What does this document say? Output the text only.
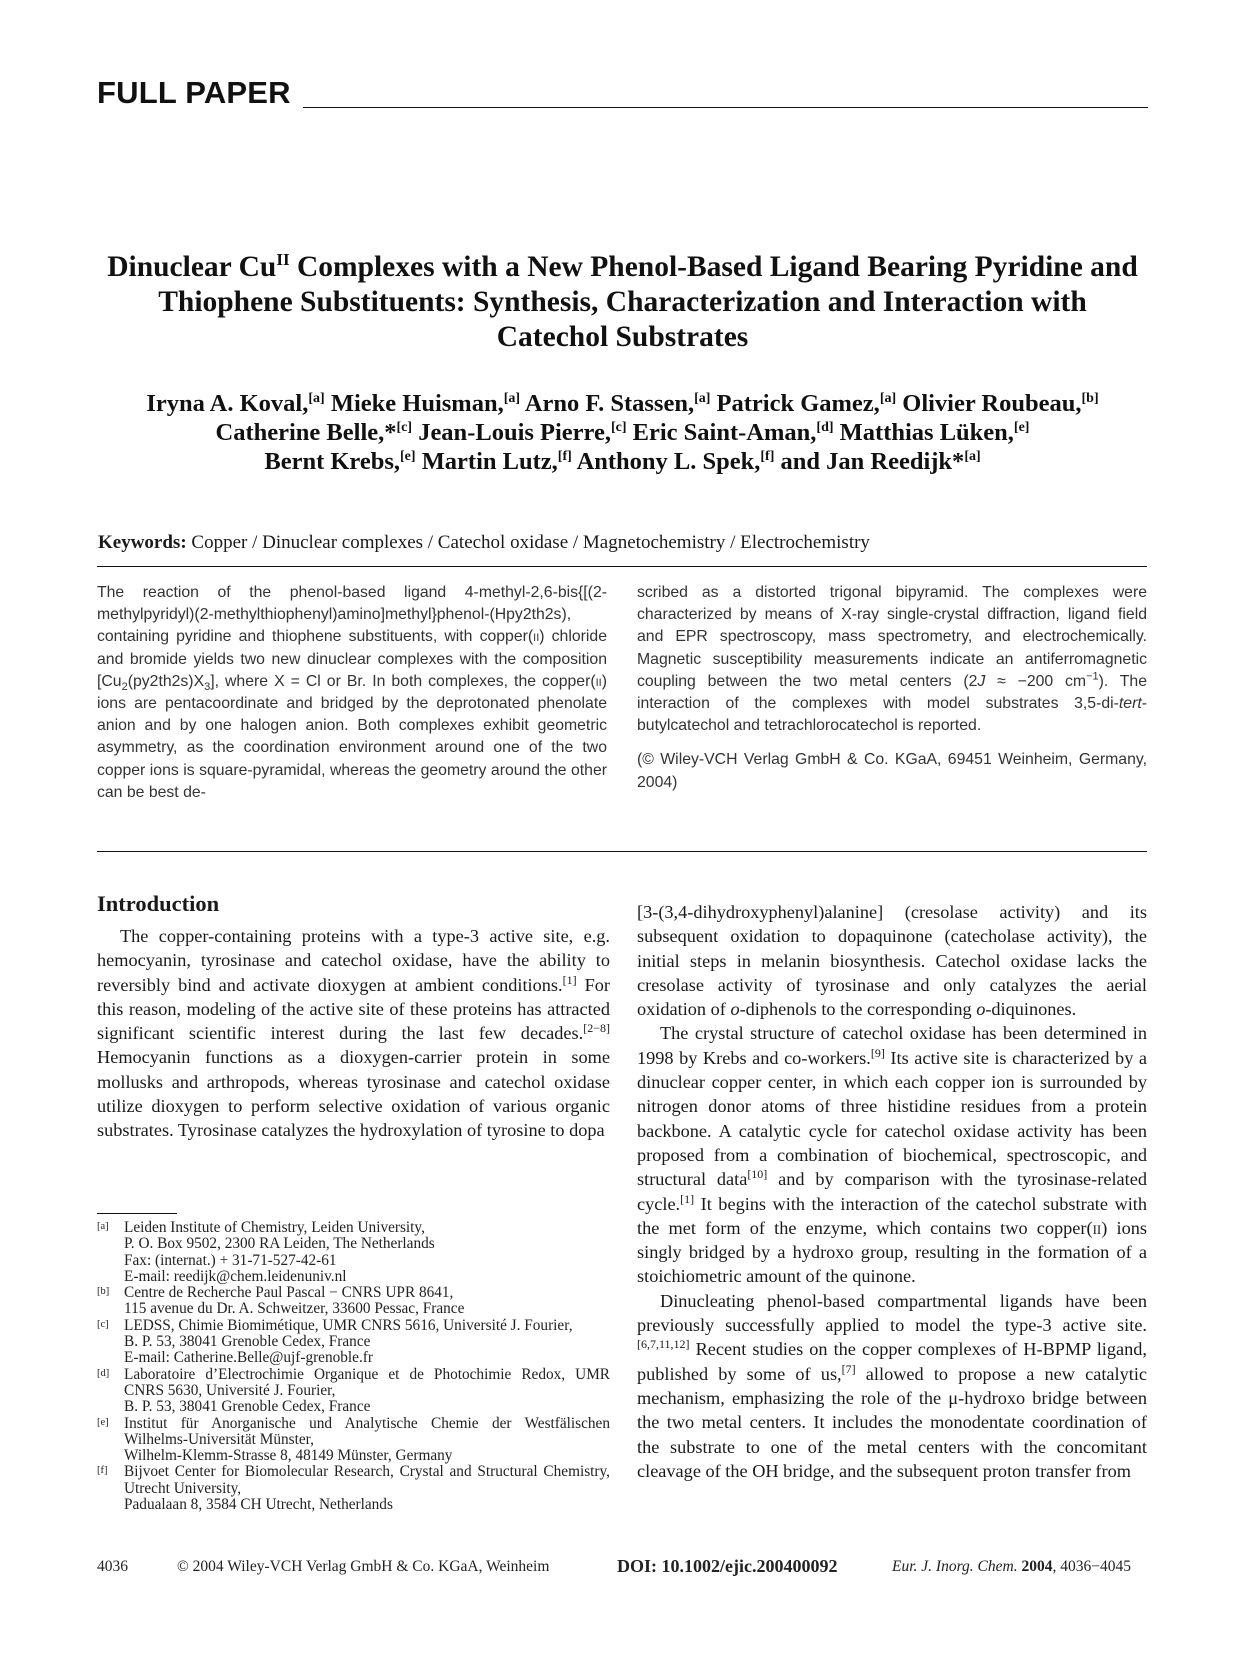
FULL PAPER
Dinuclear $Cu^{II}$ Complexes with a New Phenol-Based Ligand Bearing Pyridine and Thiophene Substituents: Synthesis, Characterization and Interaction with Catechol Substrates
Iryna A. Koval,[a] Mieke Huisman,[a] Arno F. Stassen,[a] Patrick Gamez,[a] Olivier Roubeau,[b]
Catherine Belle,*[c] Jean-Louis Pierre,[c] Eric Saint-Aman,[d] Matthias Lüken,[e]
Bernt Krebs,[e] Martin Lutz,[f] Anthony L. Spek,[f] and Jan Reedijk*[a]
Keywords: Copper / Dinuclear complexes / Catechol oxidase / Magnetochemistry / Electrochemistry

The reaction of the phenol-based ligand 4-methyl-2,6-bis{[(2-methylpyridyl)(2-methylthiophenyl)amino]methyl}phenol-(Hpy2th2s), containing pyridine and thiophene substituents, with copper(ii) chloride and bromide yields two new dinuclear complexes with the composition $[Cu_2(py2th2s)X_3]$, where X = Cl or Br. In both complexes, the copper(ii) ions are pentacoordinate and bridged by the deprotonated phenolate anion and by one halogen anion. Both complexes exhibit geometric asymmetry, as the coordination environment around one of the two copper ions is square-pyramidal, whereas the geometry around the other can be best de-

scribed as a distorted trigonal bipyramid. The complexes were characterized by means of X-ray single-crystal diffraction, ligand field and EPR spectroscopy, mass spectrometry, and electrochemically. Magnetic susceptibility measurements indicate an antiferromagnetic coupling between the two metal centers (2J ≈ −200 $cm^{-1}$). The interaction of the complexes with model substrates 3,5-di-tert-butylcatechol and tetrachlorocatechol is reported.

(© Wiley-VCH Verlag GmbH & Co. KGaA, 69451 Weinheim, Germany, 2004)

Introduction

The copper-containing proteins with a type-3 active site, e.g. hemocyanin, tyrosinase and catechol oxidase, have the ability to reversibly bind and activate dioxygen at ambient conditions.[1] For this reason, modeling of the active site of these proteins has attracted significant scientific interest during the last few decades.[2−8] Hemocyanin functions as a dioxygen-carrier protein in some mollusks and arthropods, whereas tyrosinase and catechol oxidase utilize dioxygen to perform selective oxidation of various organic substrates. Tyrosinase catalyzes the hydroxylation of tyrosine to dopa

[a] Leiden Institute of Chemistry, Leiden University,
P. O. Box 9502, 2300 RA Leiden, The Netherlands
Fax: (internat.) + 31-71-527-42-61
E-mail: reedijk@chem.leidenuniv.nl
[b] Centre de Recherche Paul Pascal − CNRS UPR 8641,
115 avenue du Dr. A. Schweitzer, 33600 Pessac, France
[c] LEDSS, Chimie Biomimétique, UMR CNRS 5616, Université J. Fourier,
B. P. 53, 38041 Grenoble Cedex, France
E-mail: Catherine.Belle@ujf-grenoble.fr
[d] Laboratoire d’Electrochimie Organique et de Photochimie Redox, UMR CNRS 5630, Université J. Fourier,
B. P. 53, 38041 Grenoble Cedex, France
[e] Institut für Anorganische und Analytische Chemie der Westfälischen Wilhelms-Universität Münster,
Wilhelm-Klemm-Strasse 8, 48149 Münster, Germany
[f] Bijvoet Center for Biomolecular Research, Crystal and Structural Chemistry, Utrecht University,
Padualaan 8, 3584 CH Utrecht, Netherlands

[3-(3,4-dihydroxyphenyl)alanine] (cresolase activity) and its subsequent oxidation to dopaquinone (catecholase activity), the initial steps in melanin biosynthesis. Catechol oxidase lacks the cresolase activity of tyrosinase and only catalyzes the aerial oxidation of o-diphenols to the corresponding o-diquinones.

The crystal structure of catechol oxidase has been determined in 1998 by Krebs and co-workers.[9] Its active site is characterized by a dinuclear copper center, in which each copper ion is surrounded by nitrogen donor atoms of three histidine residues from a protein backbone. A catalytic cycle for catechol oxidase activity has been proposed from a combination of biochemical, spectroscopic, and structural data[10] and by comparison with the tyrosinase-related cycle.[1] It begins with the interaction of the catechol substrate with the met form of the enzyme, which contains two copper(ii) ions singly bridged by a hydroxo group, resulting in the formation of a stoichiometric amount of the quinone.

Dinucleating phenol-based compartmental ligands have been previously successfully applied to model the type-3 active site.[6,7,11,12] Recent studies on the copper complexes of H-BPMP ligand, published by some of us,[7] allowed to propose a new catalytic mechanism, emphasizing the role of the μ-hydroxo bridge between the two metal centers. It includes the monodentate coordination of the substrate to one of the metal centers with the concomitant cleavage of the OH bridge, and the subsequent proton transfer from

4036	© 2004 Wiley-VCH Verlag GmbH & Co. KGaA, Weinheim	DOI: 10.1002/ejic.200400092	Eur. J. Inorg. Chem. 2004 , 4036−4045
